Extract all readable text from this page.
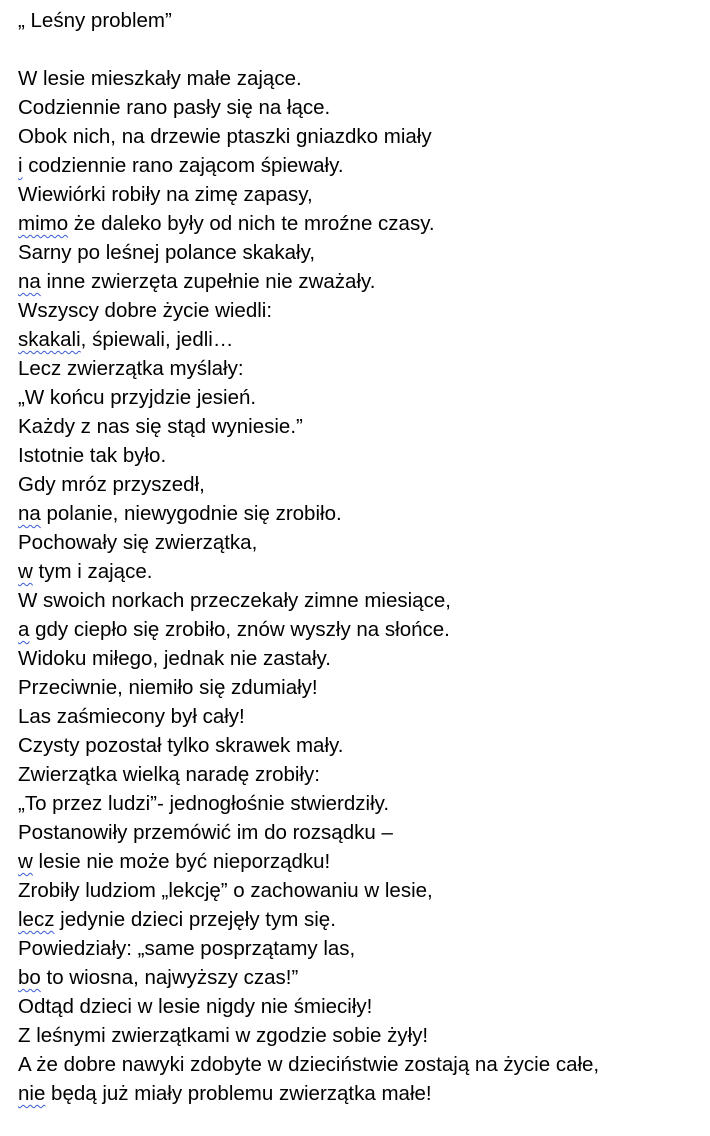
„ Leśny problem”
W lesie mieszkały małe zające.
Codziennie rano pasły się na łące.
Obok nich, na drzewie ptaszki gniazdko miały
i codziennie rano zającom śpiewały.
Wiewiórki robiły na zimę zapasy,
mimo że daleko były od nich te mroźne czasy.
Sarny po leśnej polance skakały,
na inne zwierzęta zupełnie nie zważały.
Wszyscy dobre życie wiedli:
skakali, śpiewali, jedli…
Lecz zwierzątka myślały:
„W końcu przyjdzie jesień.
Każdy z nas się stąd wyniesie.”
Istotnie tak było.
Gdy mróz przyszedł,
na polanie, niewygodnie się zrobiło.
Pochowały się zwierzątka,
w tym i zające.
W swoich norkach przeczekały zimne miesiące,
a gdy ciepło się zrobiło, znów wyszły na słońce.
Widoku miłego, jednak nie zastały.
Przeciwnie, niemiło się zdumiały!
Las zaśmiecony był cały!
Czysty pozostał tylko skrawek mały.
Zwierzątka wielką naradę zrobiły:
„To przez ludzi”- jednogłośnie stwierdziły.
Postanowiły przemówić im do rozsądku –
w lesie nie może być nieporządku!
Zrobiły ludziom „lekcję” o zachowaniu w lesie,
lecz jedynie dzieci przejęły tym się.
Powiedziały: „same posprzątamy las,
bo to wiosna, najwyższy czas!”
Odtąd dzieci w lesie nigdy nie śmieciły!
Z leśnymi zwierzątkami w zgodzie sobie żyły!
A że dobre nawyki zdobyte w dzieciństwie zostają na życie całe,
nie będą już miały problemu zwierzątka małe!
